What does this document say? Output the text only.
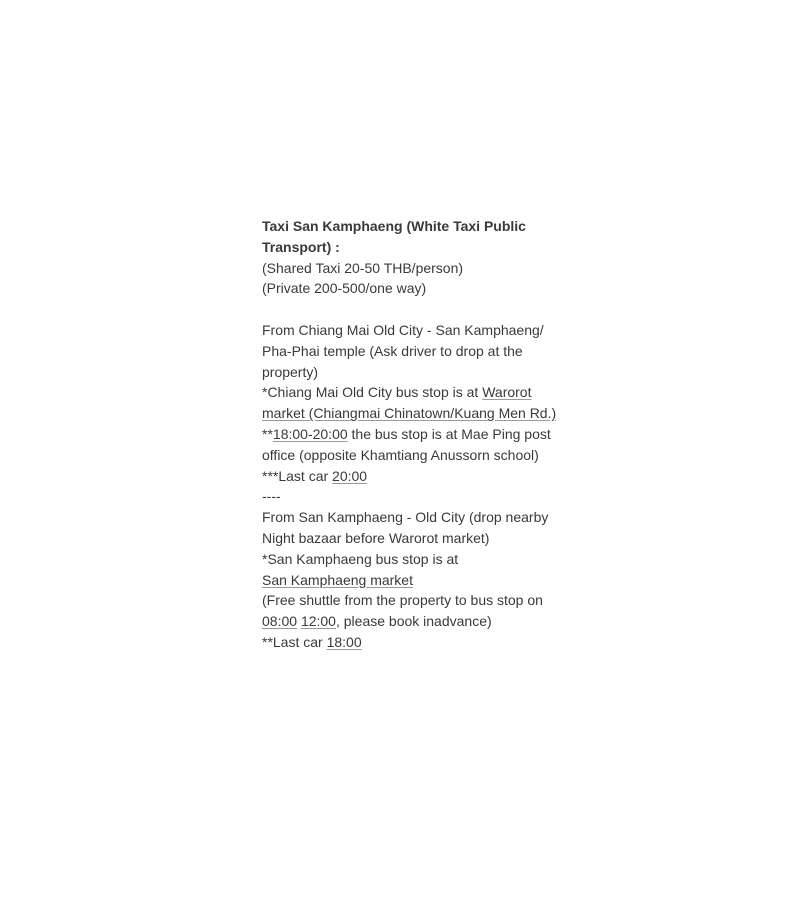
Taxi San Kamphaeng (White Taxi Public Transport) :
(Shared Taxi 20-50 THB/person)
(Private 200-500/one way)
From Chiang Mai Old City - San Kamphaeng/ Pha-Phai temple (Ask driver to drop at the property)
*Chiang Mai Old City bus stop is at Warorot market (Chiangmai Chinatown/Kuang Men Rd.)
**18:00-20:00 the bus stop is at Mae Ping post office (opposite Khamtiang Anussorn school)
***Last car 20:00
----
From San Kamphaeng - Old City (drop nearby Night bazaar before Warorot market)
*San Kamphaeng bus stop is at
San Kamphaeng market
(Free shuttle from the property to bus stop on 08:00 12:00, please book inadvance)
**Last car 18:00
